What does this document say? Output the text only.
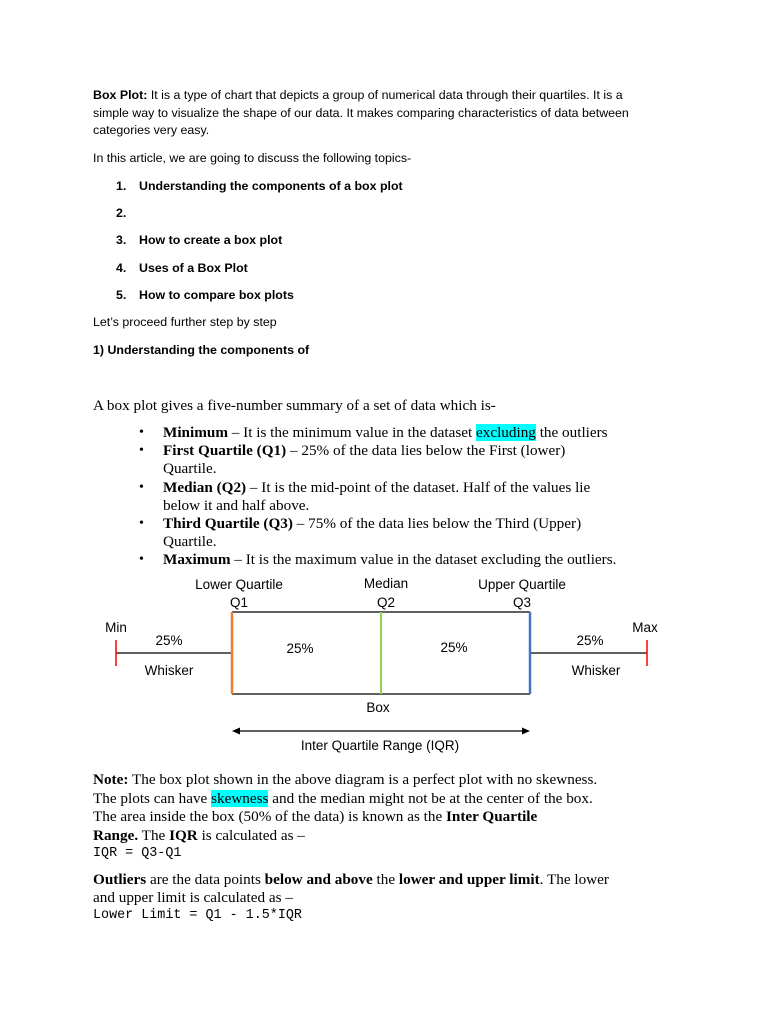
Box Plot: It is a type of chart that depicts a group of numerical data through their quartiles. It is a
simple way to visualize the shape of our data. It makes comparing characteristics of data between
categories very easy.
In this article, we are going to discuss the following topics-
1. Understanding the components of a box plot
2.
3. How to create a box plot
4. Uses of a Box Plot
5. How to compare box plots
Let’s proceed further step by step
1) Understanding the components of
A box plot gives a five-number summary of a set of data which is-
• Minimum – It is the minimum value in the dataset excluding the outliers
• First Quartile (Q1) – 25% of the data lies below the First (lower)
Quartile.
• Median (Q2) – It is the mid-point of the dataset. Half of the values lie
below it and half above.
• Third Quartile (Q3) – 75% of the data lies below the Third (Upper)
Quartile.
• Maximum – It is the maximum value in the dataset excluding the outliers.
Lower Quartile
Q1
Median
Q2
Upper Quartile
Q3
Min	Max
25%
25%	25%	25%
Whisker	Whisker
Box
Inter Quartile Range (IQR)
Note: The box plot shown in the above diagram is a perfect plot with no skewness.
The plots can have skewness and the median might not be at the center of the box.
The area inside the box (50% of the data) is known as the Inter Quartile
Range. The IQR is calculated as –
IQR = Q3-Q1
Outliers are the data points below and above the lower and upper limit. The lower
and upper limit is calculated as –
Lower Limit = Q1 - 1.5*IQR
